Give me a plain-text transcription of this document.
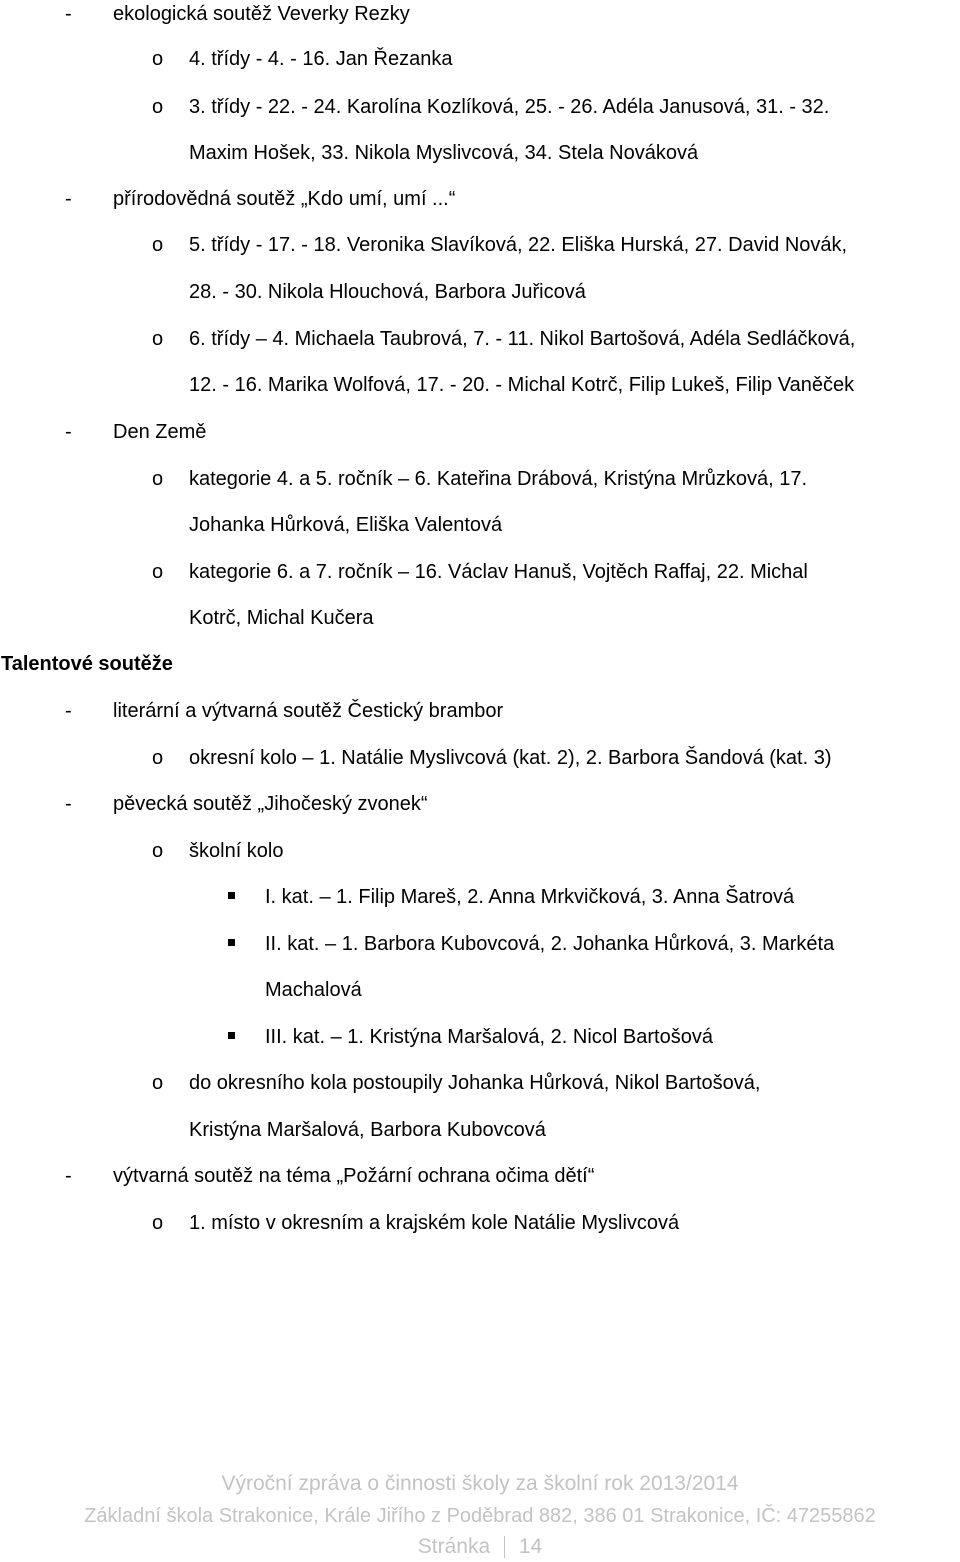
- ekologická soutěž Veverky Rezky
o 4. třídy - 4. - 16. Jan Řezanka
o 3. třídy - 22. - 24. Karolína Kozlíková, 25. - 26. Adéla Janusová, 31. - 32.
Maxim Hošek, 33. Nikola Myslivcová, 34. Stela Nováková
- přírodovědná soutěž „Kdo umí, umí ...“
o 5. třídy - 17. - 18. Veronika Slavíková, 22. Eliška Hurská, 27. David Novák,
28. - 30. Nikola Hlouchová, Barbora Juřicová
o 6. třídy – 4. Michaela Taubrová, 7. - 11. Nikol Bartošová, Adéla Sedláčková,
12. - 16. Marika Wolfová, 17. - 20. - Michal Kotrč, Filip Lukeš, Filip Vaněček
- Den Země
o kategorie 4. a 5. ročník – 6. Kateřina Drábová, Kristýna Mrůzková, 17.
Johanka Hůrková, Eliška Valentová
o kategorie 6. a 7. ročník – 16. Václav Hanuš, Vojtěch Raffaj, 22. Michal
Kotrč, Michal Kučera
Talentové soutěže
- literární a výtvarná soutěž Čestický brambor
o okresní kolo – 1. Natálie Myslivcová (kat. 2), 2. Barbora Šandová (kat. 3)
- pěvecká soutěž „Jihočeský zvonek“
o školní kolo
I. kat. – 1. Filip Mareš, 2. Anna Mrkvičková, 3. Anna Šatrová
II. kat. – 1. Barbora Kubovcová, 2. Johanka Hůrková, 3. Markéta
Machalová
III. kat. – 1. Kristýna Maršalová, 2. Nicol Bartošová
o do okresního kola postoupily Johanka Hůrková, Nikol Bartošová,
Kristýna Maršalová, Barbora Kubovcová
- výtvarná soutěž na téma „Požární ochrana očima dětí“
o 1. místo v okresním a krajském kole Natálie Myslivcová
Výroční zpráva o činnosti školy za školní rok 2013/2014
Základní škola Strakonice, Krále Jiřího z Poděbrad 882, 386 01 Strakonice, IČ: 47255862
Stránka 14
